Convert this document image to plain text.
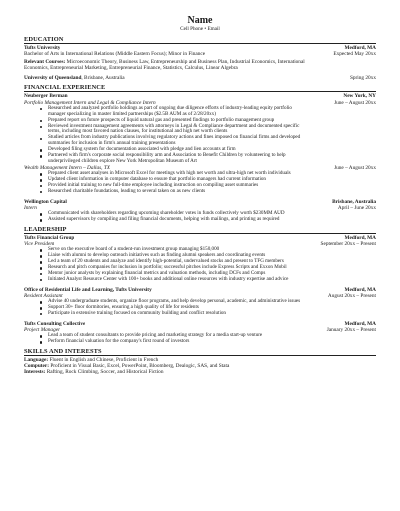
Name
Cell Phone • Email
EDUCATION
Tufts University	Medford, MA
Bachelor of Arts in International Relations (Middle Eastern Focus); Minor in Finance	Expected May 20xx
Relevant Courses: Microeconomic Theory, Business Law, Entrepreneurship and Business Plan, Industrial Economics, International
Economics, Entrepreneurial Marketing, Entrepreneurial Finance, Statistics, Calculus, Linear Algebra
University of Queensland, Brisbane, Australia	Spring 20xx
FINANCIAL EXPERIENCE
Neuberger Berman	New York, NY
Portfolio Management Intern and Legal & Compliance Intern	June – August 20xx
Researched and analyzed portfolio holdings as part of ongoing due diligence efforts of industry-leading equity portfolio
manager specializing in master limited partnerships ($2.5B AUM as of 2/28/20xx)
Prepared report on future prospects of liquid natural gas and presented findings to portfolio management group
Reviewed investment management agreements with attorneys in Legal & Compliance department and documented specific
terms, including most favored nation clauses, for institutional and high net worth clients
Studied articles from industry publications involving regulatory actions and fines imposed on financial firms and developed
summaries for inclusion in firm's annual training presentations
Developed filing system for documentation associated with pledge and lien accounts at firm
Partnered with firm's corporate social responsibility arm and Association to Benefit Children by volunteering to help
underprivileged children explore New York Metropolitan Museum of Art
Wealth Management Intern – Dallas, TX	June – August 20xx
Prepared client asset analyses in Microsoft Excel for meetings with high net worth and ultra-high net worth individuals
Updated client information in computer database to ensure that portfolio managers had current information
Provided initial training to new full-time employee including instruction on compiling asset summaries
Researched charitable foundations, leading to several taken on as new clients
Wellington Capital	Brisbane, Australia
Intern	April – June 20xx
Communicated with shareholders regarding upcoming shareholder votes in funds collectively worth $230MM AUD
Assisted supervisors by compiling and filing financial documents, helping with mailings, and printing as required
LEADERSHIP
Tufts Financial Group	Medford, MA
Vice President	September 20xx – Present
Serve on the executive board of a student-run investment group managing $150,000
Liaise with alumni to develop outreach initiatives such as finding alumni speakers and coordinating events
Led a team of 20 students and analyze and identify high-potential, undervalued stocks and present to TFG members
Research and pitch companies for inclusion in portfolio; successful pitches include Express Scripts and Exxon Mobil
Mentor junior analysts by explaining financial metrics and valuation methods, including DCFs and Comps
Initiated Analyst Resource Center with 100+ books and additional online resources with industry expertise and advice
Office of Residential Life and Learning, Tufts University	Medford, MA
Resident Assistant	August 20xx – Present
Advise 40 undergraduate students, organize floor programs, and help develop personal, academic, and administrative issues
Support 30+ floor dormitories, ensuring a high quality of life for residents
Participate in extensive training focused on community building and conflict resolution
Tufts Consulting Collective	Medford, MA
Project Manager	January 20xx – Present
Lead a team of student consultants to provide pricing and marketing strategy for a media start-up venture
Perform financial valuation for the company's first round of investors
SKILLS AND INTERESTS
Language: Fluent in English and Chinese, Proficient in French
Computer: Proficient in Visual Basic, Excel, PowerPoint, Bloomberg, Dealogic, SAS, and Stata
Interests: Rafting, Rock Climbing, Soccer, and Historical Fiction
